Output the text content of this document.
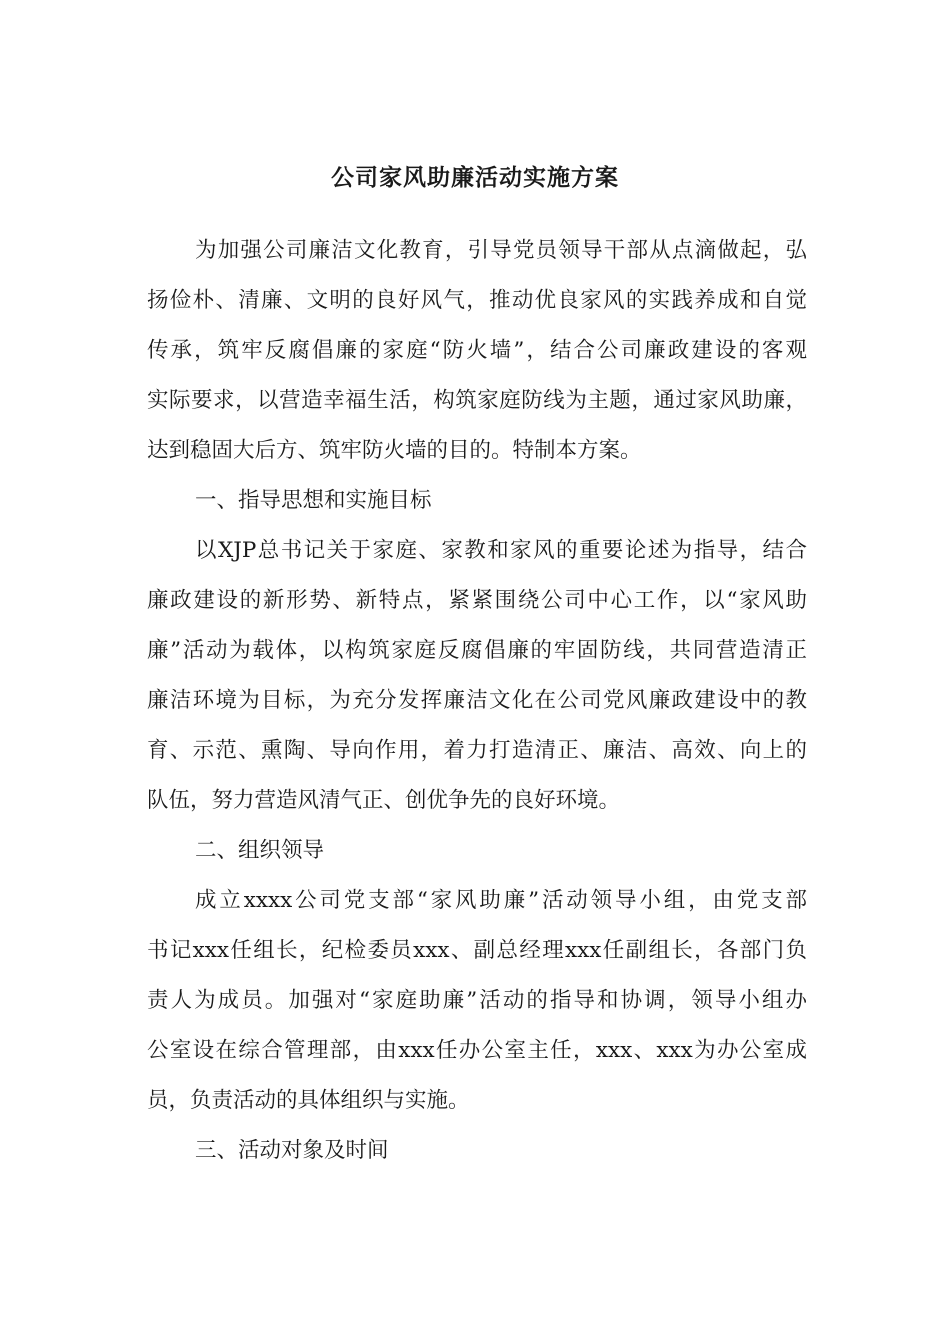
公司家风助廉活动实施方案

为加强公司廉洁文化教育，引导党员领导干部从点滴做起，弘

扬俭朴、清廉、文明的良好风气，推动优良家风的实践养成和自觉

传承，筑牢反腐倡廉的家庭“防火墙”，结合公司廉政建设的客观

实际要求，以营造幸福生活，构筑家庭防线为主题，通过家风助廉，

达到稳固大后方、筑牢防火墙的目的。特制本方案。

一、指导思想和实施目标

以XJP总书记关于家庭、家教和家风的重要论述为指导，结合

廉政建设的新形势、新特点，紧紧围绕公司中心工作，以“家风助

廉”活动为载体，以构筑家庭反腐倡廉的牢固防线，共同营造清正

廉洁环境为目标，为充分发挥廉洁文化在公司党风廉政建设中的教

育、示范、熏陶、导向作用，着力打造清正、廉洁、高效、向上的

队伍，努力营造风清气正、创优争先的良好环境。

二、组织领导

成立xxxx公司党支部“家风助廉”活动领导小组，由党支部

书记xxx任组长，纪检委员xxx、副总经理xxx任副组长，各部门负

责人为成员。加强对“家庭助廉”活动的指导和协调，领导小组办

公室设在综合管理部，由xxx任办公室主任，xxx、xxx为办公室成

员，负责活动的具体组织与实施。

三、活动对象及时间
